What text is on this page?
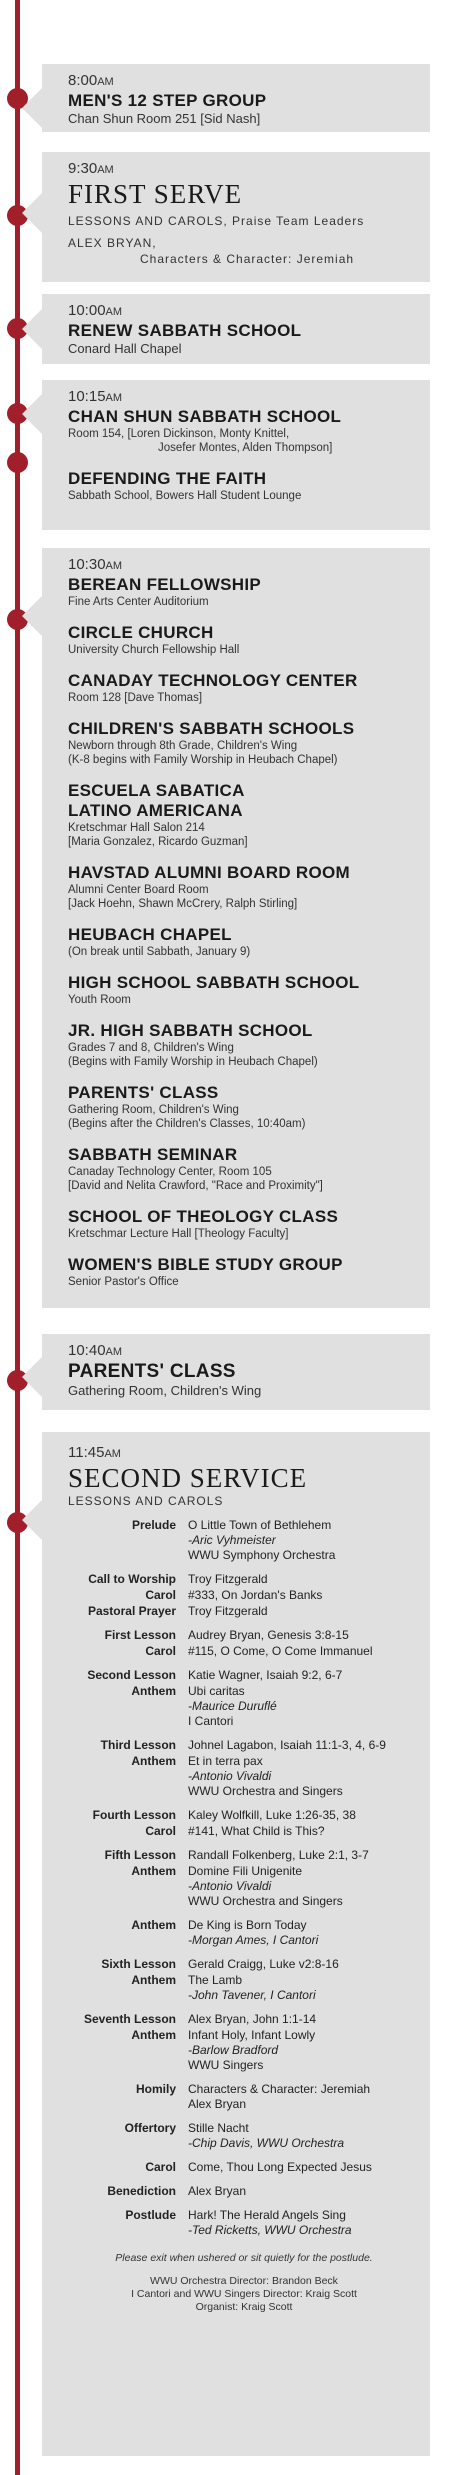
8:00AM
MEN'S 12 STEP GROUP
Chan Shun Room 251 [Sid Nash]
9:30AM
FIRST SERVE
LESSONS AND CAROLS, Praise Team Leaders
ALEX BRYAN,
Characters & Character: Jeremiah
10:00AM
RENEW SABBATH SCHOOL
Conard Hall Chapel
10:15AM
CHAN SHUN SABBATH SCHOOL
Room 154, [Loren Dickinson, Monty Knittel,
Josefer Montes, Alden Thompson]
DEFENDING THE FAITH
Sabbath School, Bowers Hall Student Lounge
10:30AM
BEREAN FELLOWSHIP
Fine Arts Center Auditorium
CIRCLE CHURCH
University Church Fellowship Hall
CANADAY TECHNOLOGY CENTER
Room 128 [Dave Thomas]
CHILDREN'S SABBATH SCHOOLS
Newborn through 8th Grade, Children's Wing
(K-8 begins with Family Worship in Heubach Chapel)
ESCUELA SABATICA
LATINO AMERICANA
Kretschmar Hall Salon 214
[Maria Gonzalez, Ricardo Guzman]
HAVSTAD ALUMNI BOARD ROOM
Alumni Center Board Room
[Jack Hoehn, Shawn McCrery, Ralph Stirling]
HEUBACH CHAPEL
(On break until Sabbath, January 9)
HIGH SCHOOL SABBATH SCHOOL
Youth Room
JR. HIGH SABBATH SCHOOL
Grades 7 and 8, Children's Wing
(Begins with Family Worship in Heubach Chapel)
PARENTS' CLASS
Gathering Room, Children's Wing
(Begins after the Children's Classes, 10:40am)
SABBATH SEMINAR
Canaday Technology Center, Room 105
[David and Nelita Crawford, "Race and Proximity"]
SCHOOL OF THEOLOGY CLASS
Kretschmar Lecture Hall [Theology Faculty]
WOMEN'S BIBLE STUDY GROUP
Senior Pastor's Office
10:40AM
PARENTS' CLASS
Gathering Room, Children's Wing
11:45AM
SECOND SERVICE
LESSONS AND CAROLS
Prelude	O Little Town of Bethlehem
-Aric Vyhmeister
WWU Symphony Orchestra
Call to Worship	Troy Fitzgerald
Carol	#333, On Jordan's Banks
Pastoral Prayer	Troy Fitzgerald
First Lesson	Audrey Bryan, Genesis 3:8-15
Carol	#115, O Come, O Come Immanuel
Second Lesson	Katie Wagner, Isaiah 9:2, 6-7
Anthem	Ubi caritas
-Maurice Duruflé
I Cantori
Third Lesson	Johnel Lagabon, Isaiah 11:1-3, 4, 6-9
Anthem	Et in terra pax
-Antonio Vivaldi
WWU Orchestra and Singers
Fourth Lesson	Kaley Wolfkill, Luke 1:26-35, 38
Carol	#141, What Child is This?
Fifth Lesson	Randall Folkenberg, Luke 2:1, 3-7
Anthem	Domine Fili Unigenite
-Antonio Vivaldi
WWU Orchestra and Singers
Anthem	De King is Born Today
-Morgan Ames, I Cantori
Sixth Lesson	Gerald Craigg, Luke v2:8-16
Anthem	The Lamb
-John Tavener, I Cantori
Seventh Lesson	Alex Bryan, John 1:1-14
Anthem	Infant Holy, Infant Lowly
-Barlow Bradford
WWU Singers
Homily	Characters & Character: Jeremiah
Alex Bryan
Offertory	Stille Nacht
-Chip Davis, WWU Orchestra
Carol	Come, Thou Long Expected Jesus
Benediction	Alex Bryan
Postlude	Hark! The Herald Angels Sing
-Ted Ricketts, WWU Orchestra
Please exit when ushered or sit quietly for the postlude.
WWU Orchestra Director: Brandon Beck
I Cantori and WWU Singers Director: Kraig Scott
Organist: Kraig Scott
